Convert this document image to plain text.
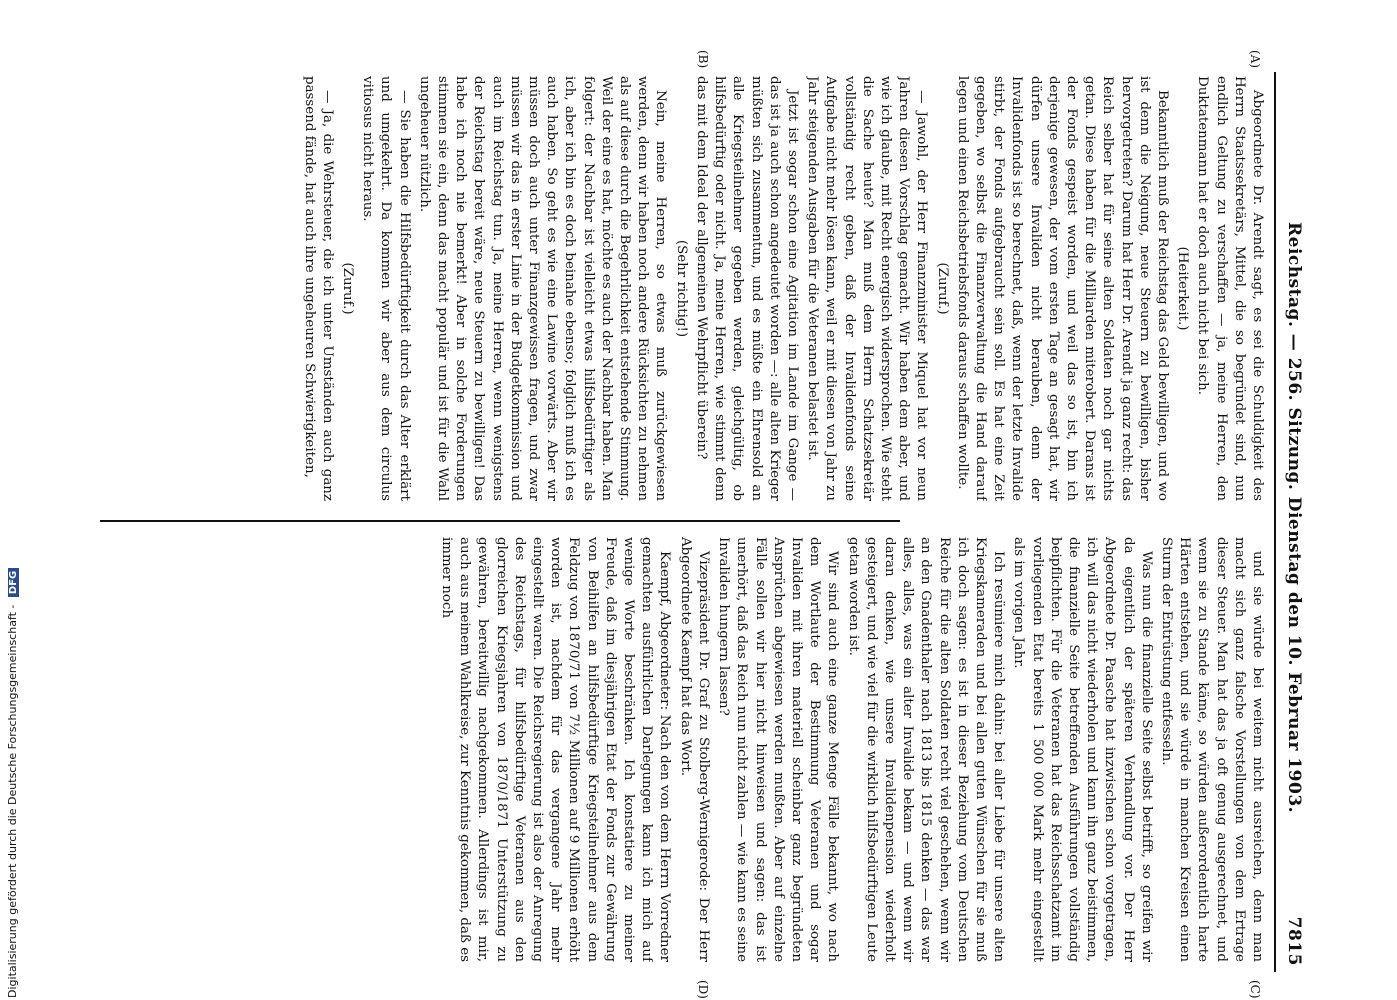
Reichstag. — 256. Sitzung. Dienstag den 10. Februar 1903.
7815
(A)
(B)
(C)
(D)

Abgeordnete Dr. Arendt sagt, es sei die Schuldigkeit des Herrn Staatssekretärs, Mittel, die so begründet sind, nun endlich Geltung zu verschaffen — ja, meine Herren, den Duktatenmann hat er doch auch nicht bei sich.

(Heiterkeit.)

Bekanntlich muß der Reichstag das Geld bewilligen, und wo ist denn die Neigung, neue Steuern zu bewilligen, bisher hervorgetreten? Darum hat Herr Dr. Arendt ja ganz recht: das Reich selber hat für seine alten Soldaten noch gar nichts getan. Diese haben für die Milliarden miterobert. Darans ist der Fonds gespeist worden, und weil das so ist, bin ich derjenige gewesen, der vom ersten Tage an gesagt hat, wir dürfen unsere Invaliden nicht berauben, denn der Invalidenfonds ist so berechnet, daß, wenn der letzte Invalide stirbt, der Fonds aufgebraucht sein soll. Es hat eine Zeit gegeben, wo selbst die Finanzverwaltung die Hand darauf legen und einen Reichsbetriebsfonds daraus schaffen wollte.

(Zuruf.)

— Jawohl, der Herr Finanzminister Miquel hat vor neun Jahren diesen Vorschlag gemacht. Wir haben dem aber, und wie ich glaube, mit Recht energisch widersprochen. Wie steht die Sache heute? Man muß dem Herrn Schatzsekretär vollständig recht geben, daß der Invalidenfonds seine Aufgabe nicht mehr lösen kann, weil er mit diesen von Jahr zu Jahr steigenden Ausgaben für die Veteranen belastet ist.

Jetzt ist sogar schon eine Agitation im Lande im Gange — das ist ja auch schon angedeutet worden —: alle alten Krieger müßten sich zusammentun, und es müßte ein Ehrensold an alle Kriegsteilnehmer gegeben werden, gleichgültig, ob hilfsbedürftig oder nicht. Ja, meine Herren, wie stimmt denn das mit dem Ideal der allgemeinen Wehrpflicht überein?

(Sehr richtig!)

Nein, meine Herren, so etwas muß zurückgewiesen werden, denn wir haben noch andere Rücksichten zu nehmen als auf diese durch die Begehrlichkeit entstehende Stimmung. Weil der eine es hat, möchte es auch der Nachbar haben. Man folgert: der Nachbar ist vielleicht etwas hilfsbedürftiger als ich, aber ich bin es doch beinahe ebenso; folglich muß ich es auch haben. So geht es wie eine Lawine vorwärts. Aber wir müssen doch auch unter Finanzgewissen fragen, und zwar müssen wir das in erster Linie in der Budgetkommission und auch im Reichstag tun. Ja, meine Herren, wenn wenigstens der Reichstag bereit wäre, neue Steuern zu bewilligen! Das habe ich noch nie bemerkt! Aber in solche Forderungen stimmen sie ein, denn das macht populär und ist für die Wahl ungeheuer nützlich.

— Sie haben die Hilfsbedürftigkeit durch das Alter erklärt und umgekehrt. Da kommen wir aber aus dem circulus vitiosus nicht heraus.

(Zuruf.)

— Ja, die Wehrsteuer, die ich unter Umständen auch ganz passend fände, hat auch ihre ungeheuren Schwierigkeiten,

und sie würde bei weitem nicht ausreichen, denn man macht sich ganz falsche Vorstellungen von dem Ertrage dieser Steuer. Man hat das ja oft genug ausgerechnet, und wenn sie zu Stande käme, so würden außerordentlich harte Härten entstehen, und sie würde in manchen Kreisen einen Sturm der Entrüstung entfesseln.

Was nun die finanzielle Seite selbst betrifft, so greifen wir da eigentlich der späteren Verhandlung vor. Der Herr Abgeordnete Dr. Paasche hat inzwischen schon vorgetragen, ich will das nicht wiederholen und kann ihn ganz beistimmen, die finanzielle Seite betreffenden Ausführungen vollständig beipflichten. Für die Veteranen hat das Reichsschatzamt im vorliegenden Etat bereits 1 500 000 Mark mehr eingestellt als im vorigen Jahr.

Ich resümiere mich dahin: bei aller Liebe für unsere alten Kriegskameraden und bei allen guten Wünschen für sie muß ich doch sagen: es ist in dieser Beziehung vom Deutschen Reiche für die alten Soldaten recht viel geschehen, wenn wir an den Gnadenthaler nach 1813 bis 1815 denken — das war alles, alles, was ein alter Invalide bekam — und wenn wir daran denken, wie unsere Invalidenpension wiederholt gesteigert, und wie viel für die wirklich hilfsbedürftigen Leute getan worden ist.

Wir sind auch eine ganze Menge Fälle bekannt, wo nach dem Wortlaute der Bestimmung Veteranen und sogar Invaliden mit ihren materiell scheinbar ganz begründeten Ansprüchen abgewiesen werden mußten. Aber auf einzelne Fälle sollen wir hier nicht hinweisen und sagen: das ist unerhört, daß das Reich nun nicht zahlen — wie kann es seine Invaliden hungern lassen?

Vizepräsident Dr. Graf zu Stolberg-Wernigerode: Der Herr Abgeordnete Kaempf hat das Wort.

Kaempf, Abgeordneter: Nach den von dem Herrn Vorredner gemachten ausführlichen Darlegungen kann ich mich auf wenige Worte beschränken. Ich konstatiere zu meiner Freude, daß im diesjährigen Etat der Fonds zur Gewährung von Beihilfen an hilfsbedürftige Kriegsteilnehmer aus dem Feldzug von 1870/71 von 7½ Millionen auf 9 Millionen erhöht worden ist, nachdem für das vergangene Jahr mehr eingestellt waren. Die Reichsregierung ist also der Anregung des Reichstags, für hilfsbedürftige Veteranen aus den glorreichen Kriegsjahren von 1870/1871 Unterstützung zu gewähren, bereitwillig nachgekommen. Allerdings ist mir, auch aus meinem Wahlkreise, zur Kenntnis gekommen, daß es immer noch

Digitalisierung gefördert durch die Deutsche Forschungsgemeinschaft - DFG
